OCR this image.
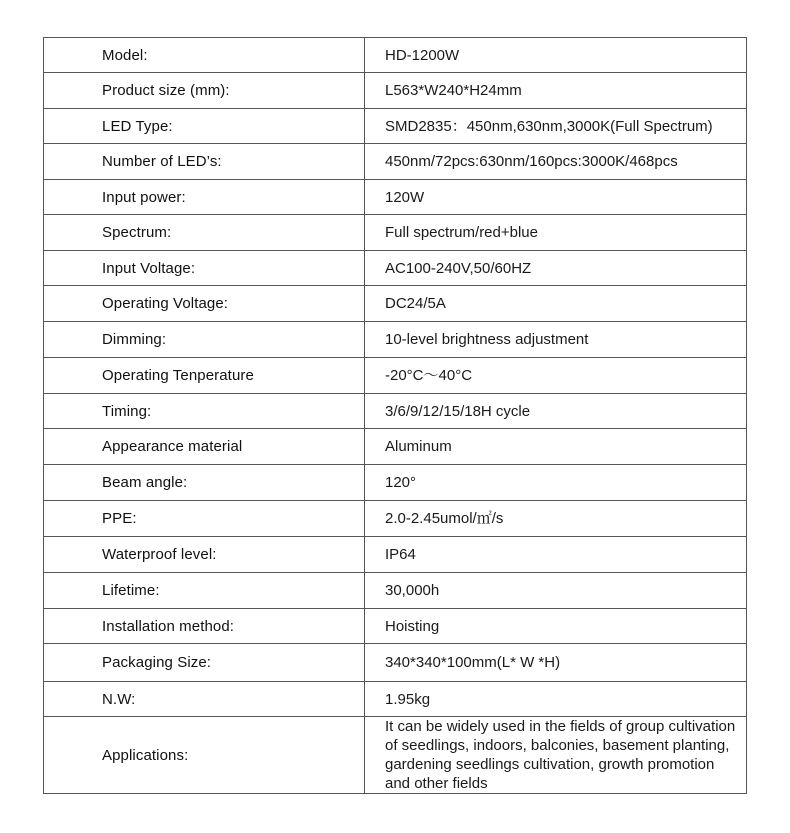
Model:	HD-1200W
Product size (mm):	L563*W240*H24mm
LED Type:	SMD2835：450nm,630nm,3000K(Full Spectrum)
Number of LED’s:	450nm/72pcs:630nm/160pcs:3000K/468pcs
Input power:	120W
Spectrum:	Full spectrum/red+blue
Input Voltage:	AC100-240V,50/60HZ
Operating Voltage:	DC24/5A
Dimming:	10-level brightness adjustment
Operating Tenperature	-20°C～40°C
Timing:	3/6/9/12/15/18H cycle
Appearance material	Aluminum
Beam angle:	120°
PPE:	2.0-2.45umol/㎡/s
Waterproof level:	IP64
Lifetime:	30,000h
Installation method:	Hoisting
Packaging Size:	340*340*100mm(L* W *H)
N.W:	1.95kg
Applications:	It can be widely used in the fields of group cultivation of seedlings, indoors, balconies, basement planting, gardening seedlings cultivation, growth promotion and other fields
